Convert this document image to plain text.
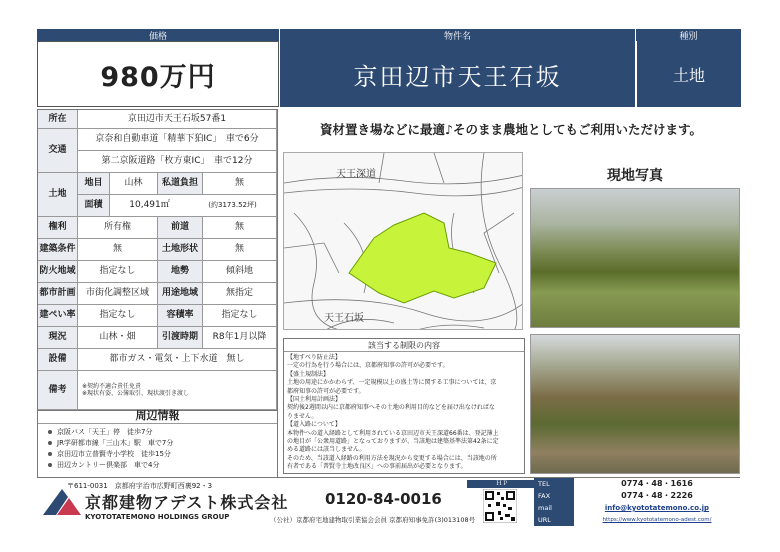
価格	物件名	種別
980万円	京田辺市天王石坂	土地
所在	京田辺市天王石坂57番1
交通
京奈和自動車道「精華下狛IC」　車で6分
第二京阪道路「枚方東IC」　車で12分
土地
地目	山林	私道負担	無
面積	10,491㎡	(約3173.52坪)
権利	所有権	前道	無
建築条件	無	土地形状	無
防火地域	指定なし	地勢	傾斜地
都市計画	市街化調整区域	用途地域	無指定
建ぺい率	指定なし	容積率	指定なし
現況	山林・畑	引渡時期	R8年1月以降
設備	都市ガス・電気・上下水道　無し
備考	※契約不適合責任免責
※現状有姿、公簿取引、現状渡引き渡し
周辺情報
京阪バス「天王」停　徒歩7分
JR学研都市線「三山木」駅　車で7分
京田辺市立普賢寺小学校　徒歩15分
田辺カントリー倶楽部　車で4分
資材置き場などに最適♪そのまま農地としてもご利用いただけます。
天王深道
天王石坂
現地写真
該当する制限の内容
【地すべり防止法】
一定の行為を行う場合には、京都府知事の許可が必要です。
【盛土規制法】
土地の用途にかかわらず、一定規模以上の盛土等に関する工事については、京
都府知事の許可が必要です。
【国土利用計画法】
契約後2週間以内に京都府知事へその土地の利用目的などを届け出なければな
りません。
【道入路について】
本物件への道入経路として利用されている京田辺市天王深道66番は、登記簿上
の地目が「公衆用道路」となっておりますが、当該地は建築基準法第42条に定
める道路には該当しません。
そのため、当該道入経路の利用方法を現況から変更する場合には、当該地の所
有者である「普賢寺土地改良区」への事前届出が必要となります。
〒611-0031　京都府宇治市広野町西裏92・3
京都建物アデスト株式会社
KYOTOTATEMONO HOLDINGS GROUP
0120-84-0016
（公社）京都府宅地建物取引業協会会員 京都府知事免許(3)013108号
ＨＰ	TEL	0774・48・1616
FAX	0774・48・2226
mail	info@kyototatemono.co.jp
URL	https://www.kyototatemono-adest.com/
